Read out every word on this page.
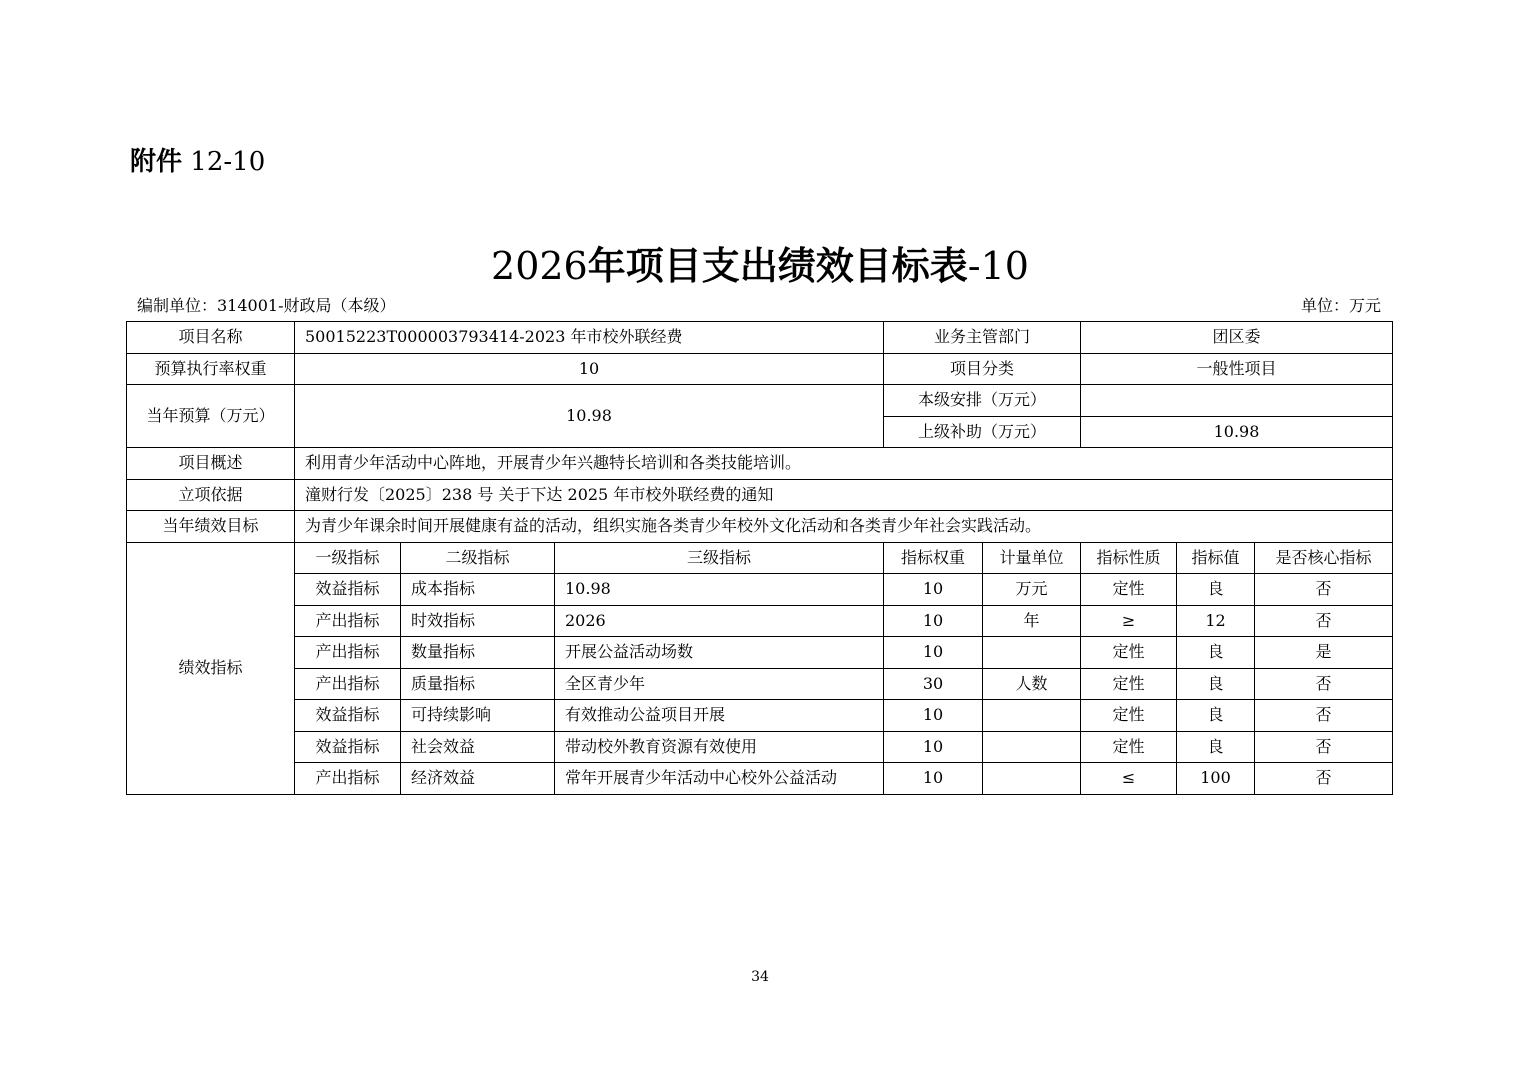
附件 12-10
2026年项目支出绩效目标表-10
编制单位：314001-财政局（本级）	单位：万元
项目名称	50015223T000003793414-2023 年市校外联经费			业务主管部门		团区委		
预算执行率权重	10			项目分类		一般性项目		
当年预算（万元）	10.98			本级安排（万元）				
				上级补助（万元）		10.98		
项目概述	利用青少年活动中心阵地，开展青少年兴趣特长培训和各类技能培训。							
立项依据	潼财行发〔2025〕238 号 关于下达 2025 年市校外联经费的通知							
当年绩效目标	为青少年课余时间开展健康有益的活动，组织实施各类青少年校外文化活动和各类青少年社会实践活动。							
绩效指标	一级指标	二级指标	三级指标	指标权重	计量单位	指标性质	指标值	是否核心指标
	效益指标	成本指标	10.98	10	万元	定性	良	否
	产出指标	时效指标	2026	10	年	≥	12	否
	产出指标	数量指标	开展公益活动场数	10		定性	良	是
	产出指标	质量指标	全区青少年	30	人数	定性	良	否
	效益指标	可持续影响	有效推动公益项目开展	10		定性	良	否
	效益指标	社会效益	带动校外教育资源有效使用	10		定性	良	否
	产出指标	经济效益	常年开展青少年活动中心校外公益活动	10		≤	100	否
34
